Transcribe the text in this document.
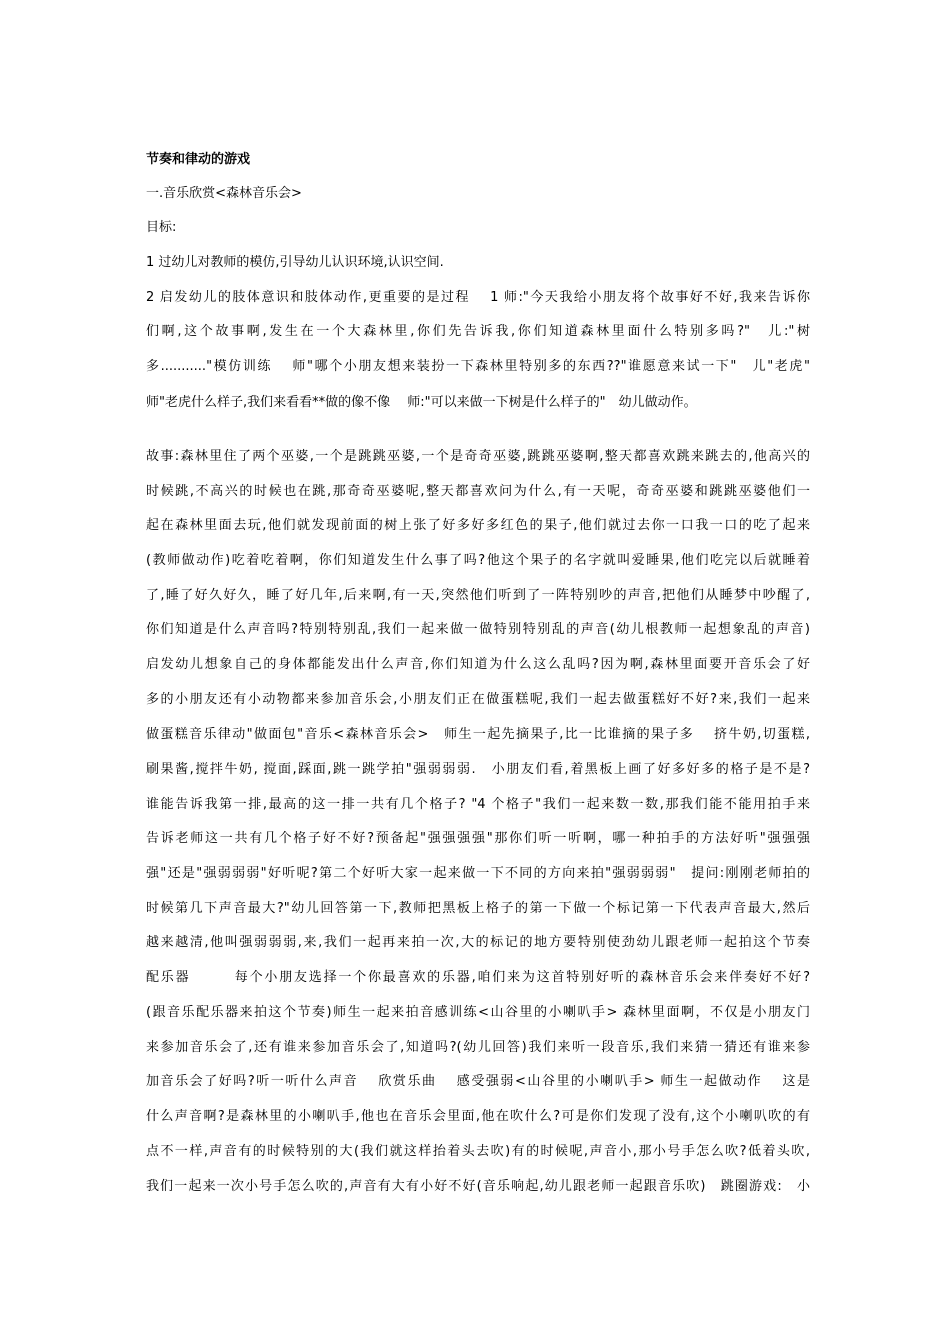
节奏和律动的游戏
一.音乐欣赏<森林音乐会>
目标:
1 过幼儿对教师的模仿,引导幼儿认识环境,认识空间.
2 启发幼儿的肢体意识和肢体动作,更重要的是过程　 1 师:"今天我给小朋友将个故事好不好,我来告诉你
们啊,这个故事啊,发生在一个大森林里,你们先告诉我,你们知道森林里面什么特别多吗?"　儿:"树
多..........."模仿训练　 师"哪个小朋友想来装扮一下森林里特别多的东西??"谁愿意来试一下"　儿"老虎"
师"老虎什么样子,我们来看看**做的像不像　 师:"可以来做一下树是什么样子的"　幼儿做动作。
故事:森林里住了两个巫婆,一个是跳跳巫婆,一个是奇奇巫婆,跳跳巫婆啊,整天都喜欢跳来跳去的,他高兴的
时候跳,不高兴的时候也在跳,那奇奇巫婆呢,整天都喜欢问为什么,有一天呢，奇奇巫婆和跳跳巫婆他们一
起在森林里面去玩,他们就发现前面的树上张了好多好多红色的果子,他们就过去你一口我一口的吃了起来
(教师做动作)吃着吃着啊，你们知道发生什么事了吗?他这个果子的名字就叫爱睡果,他们吃完以后就睡着
了,睡了好久好久，睡了好几年,后来啊,有一天,突然他们听到了一阵特别吵的声音,把他们从睡梦中吵醒了,
你们知道是什么声音吗?特别特别乱,我们一起来做一做特别特别乱的声音(幼儿根教师一起想象乱的声音)
启发幼儿想象自己的身体都能发出什么声音,你们知道为什么这么乱吗?因为啊,森林里面要开音乐会了好
多的小朋友还有小动物都来参加音乐会,小朋友们正在做蛋糕呢,我们一起去做蛋糕好不好?来,我们一起来
做蛋糕音乐律动"做面包"音乐<森林音乐会>　师生一起先摘果子,比一比谁摘的果子多　 挤牛奶,切蛋糕,
刷果酱,搅拌牛奶, 搅面,踩面,跳一跳学拍"强弱弱弱.　小朋友们看,着黑板上画了好多好多的格子是不是?
谁能告诉我第一排,最高的这一排一共有几个格子? "4 个格子"我们一起来数一数,那我们能不能用拍手来
告诉老师这一共有几个格子好不好?预备起"强强强强"那你们听一听啊，哪一种拍手的方法好听"强强强
强"还是"强弱弱弱"好听呢?第二个好听大家一起来做一下不同的方向来拍"强弱弱弱"　提问:刚刚老师拍的
时候第几下声音最大?"幼儿回答第一下,教师把黑板上格子的第一下做一个标记第一下代表声音最大,然后
越来越清,他叫强弱弱弱,来,我们一起再来拍一次,大的标记的地方要特别使劲幼儿跟老师一起拍这个节奏
配乐器　　　每个小朋友选择一个你最喜欢的乐器,咱们来为这首特别好听的森林音乐会来伴奏好不好?
(跟音乐配乐器来拍这个节奏)师生一起来拍音感训练<山谷里的小喇叭手> 森林里面啊，不仅是小朋友门
来参加音乐会了,还有谁来参加音乐会了,知道吗?(幼儿回答)我们来听一段音乐,我们来猜一猜还有谁来参
加音乐会了好吗?听一听什么声音　 欣赏乐曲　 感受强弱<山谷里的小喇叭手> 师生一起做动作　 这是
什么声音啊?是森林里的小喇叭手,他也在音乐会里面,他在吹什么?可是你们发现了没有,这个小喇叭吹的有
点不一样,声音有的时候特别的大(我们就这样抬着头去吹)有的时候呢,声音小,那小号手怎么吹?低着头吹,
我们一起来一次小号手怎么吹的,声音有大有小好不好(音乐响起,幼儿跟老师一起跟音乐吹)　跳圈游戏:　小
